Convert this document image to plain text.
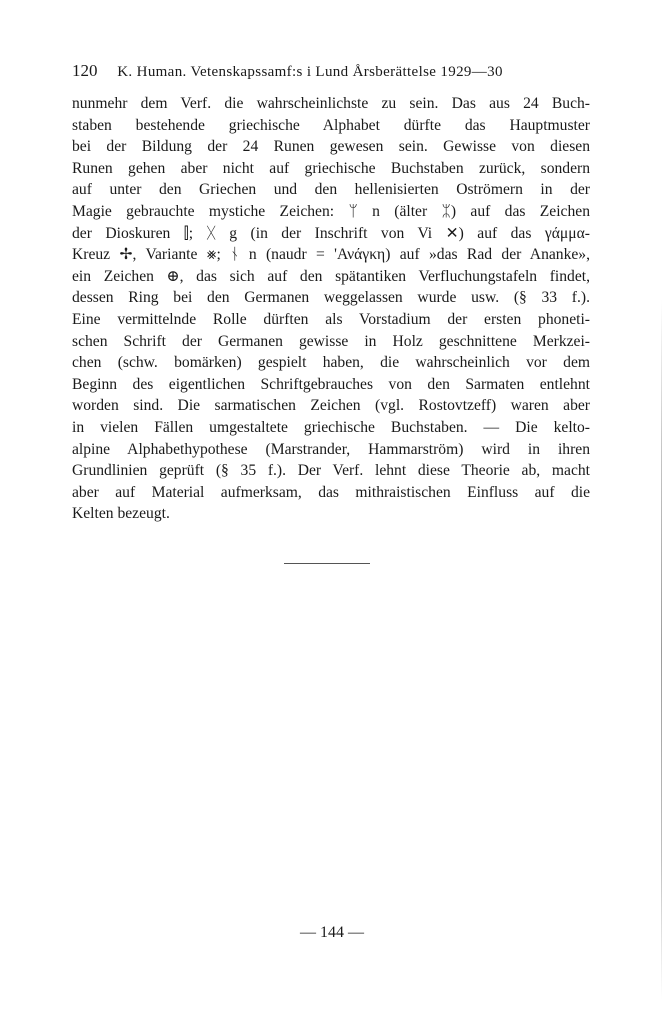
120 K. Human. Vetenskapssamf:s i Lund Årsberättelse 1929—30
nunmehr dem Verf. die wahrscheinlichste zu sein. Das aus 24 Buch-
staben bestehende griechische Alphabet dürfte das Hauptmuster
bei der Bildung der 24 Runen gewesen sein. Gewisse von diesen
Runen gehen aber nicht auf griechische Buchstaben zurück, sondern
auf unter den Griechen und den hellenisierten Oströmern in der
Magie gebrauchte mystiche Zeichen: ᛘ n (älter ᛯ) auf das Zeichen
der Dioskuren ⫿; ᚷ g (in der Inschrift von Vi ✕) auf das γάμμα-
Kreuz ✢, Variante ⨳; ᚾ n (naudr = 'Ανάγκη) auf »das Rad der Ananke»,
ein Zeichen ⊕, das sich auf den spätantiken Verfluchungstafeln findet,
dessen Ring bei den Germanen weggelassen wurde usw. (§ 33 f.).
Eine vermittelnde Rolle dürften als Vorstadium der ersten phoneti-
schen Schrift der Germanen gewisse in Holz geschnittene Merkzei-
chen (schw. bomärken) gespielt haben, die wahrscheinlich vor dem
Beginn des eigentlichen Schriftgebrauches von den Sarmaten entlehnt
worden sind. Die sarmatischen Zeichen (vgl. Rostovtzeff) waren aber
in vielen Fällen umgestaltete griechische Buchstaben. — Die kelto-
alpine Alphabethypothese (Marstrander, Hammarström) wird in ihren
Grundlinien geprüft (§ 35 f.). Der Verf. lehnt diese Theorie ab, macht
aber auf Material aufmerksam, das mithraistischen Einfluss auf die
Kelten bezeugt.
— 144 —
